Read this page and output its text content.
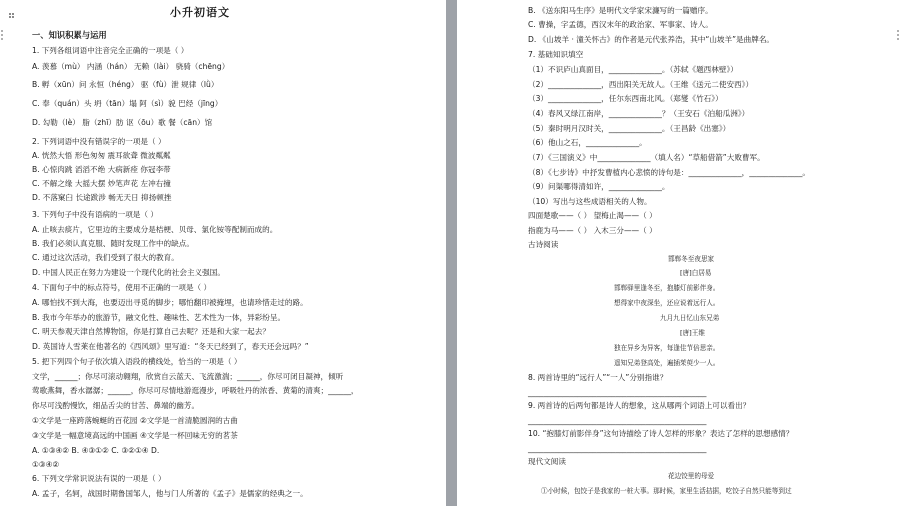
小升初语文
一、知识积累与运用
1. 下列各组词语中注音完全正确的一项是（ ）
A. 羡慕（mù） 内涵（hán） 无赖（lài） 骁骑（chēng）
B. 孵（xūn）问 永恒（héng） 驱（fù）泄 规律（lǜ）
C. 奉（quán）头 坍（tān）塌 阿（sì）貌 巴经（jīng）
D. 勾勒（lè） 脂（zhī）肪 讴（ōu）歌 餐（cān）馆
2. 下列词语中没有错误字的一项是（ ）
A. 恍然大悟 形色匆匆 震耳欲聋 微波粼粼
B. 心惊肉跳 滔滔不绝 大病新痊 你冠李带
C. 不解之缘 大摇大摆 炒笔声花 左冲右撞
D. 不落窠臼 长途跋涉 畅无天日 抑扬顿挫
3. 下列句子中没有语病的一项是（ ）
A. 止咳去痰片，它里边的主要成分是桔梗、贝母、氯化铵等配制而成的。
B. 我们必须认真克服、随时发现工作中的缺点。
C. 通过这次活动，我们受到了很大的教育。
D. 中国人民正在努力为建设一个现代化的社会主义强国。
4. 下面句子中的标点符号，使用不正确的一项是（ ）
A. 哪怕找不到大海，也要迈出寻觅的脚步；哪怕翻印被掩埋，也请珍惜走过的路。
B. 我市今年举办的旅游节，融文化性、趣味性、艺术性为一体，异彩纷呈。
C. 明天参观天津自然博物馆，你是打算自己去呢？还是和大家一起去？
D. 英国诗人雪莱在他著名的《西风颂》里写道：“冬天已经到了，春天还会远吗？”
5. 把下列四个句子依次填入语段的横线处，恰当的一项是（ ）
文学，______；你尽可滚动翱翔，欣赏自云蓝天、飞流激湍；______，你尽可闭目凝神，倾听
莺歌燕舞，香水潺潺；______，你尽可尽情地游逛漫步，呼吸牡丹的浓香、黄菊的清爽；______，
你尽可浅酌慢饮，细品舌尖的甘苦、鼻端的幽芳。
①文学是一座跨落蜿蜒的百花园 ②文学是一首清脆圆润的古曲
③文学是一幅意境高远的中国画 ④文学是一杯回味无穷的茗茶
A. ①③④② B. ④③①② C. ③②①④ D.
①③④②
6. 下列文学常识说法有误的一项是（ ）
A. 孟子，名轲，战国时期鲁国邹人，他与门人所著的《孟子》是儒家的经典之一。
B. 《送东阳马生序》是明代文学家宋濂写的一篇赠序。
C. 曹操，字孟德，西汉末年的政治家、军事家、诗人。
D. 《山坡羊 · 潼关怀古》的作者是元代张养浩，其中“山坡羊”是曲牌名。
7. 基础知识填空
（1）不识庐山真面目，______________。（苏轼《题西林壁》）
（2）______________，西出阳关无故人。（王维《送元二使安西》）
（3）______________，任尔东西南北风。（郑燮《竹石》）
（4）春风又绿江南岸，______________？（王安石《泊船瓜洲》）
（5）秦时明月汉时关，______________。（王昌龄《出塞》）
（6）他山之石，______________。
（7）《三国演义》中______________（填人名）“草船借箭”大败曹军。
（8）《七步诗》中抒发曹植内心悲愤的诗句是：______________，______________。
（9）问渠哪得清如许，______________。
（10）写出与这些成语相关的人物。
四面楚歌——（ ） 望梅止渴——（ ）
指鹿为马——（ ） 入木三分——（ ）
古诗阅读
邯郸冬至夜思家
[唐]白居易
邯郸驿里逢冬至，抱膝灯前影伴身。
想得家中夜深坐，还应说着远行人。
九月九日忆山东兄弟
[唐]王维
独在异乡为异客，每逢佳节倍思亲。
遥知兄弟登高处，遍插茱萸少一人。
8. 两首诗里的“远行人”“一人”分别指谁？
_______________________________________________
9. 两首诗的后两句都是诗人的想象，这从哪两个词语上可以看出？
_______________________________________________
10. “抱膝灯前影伴身”这句诗描绘了诗人怎样的形象？表达了怎样的思想感情？
_______________________________________________
现代文阅读
花边饺里的母爱
①小时候，包饺子是我家的一桩大事。那时候，家里生活拮据，吃饺子自然只能等到过
